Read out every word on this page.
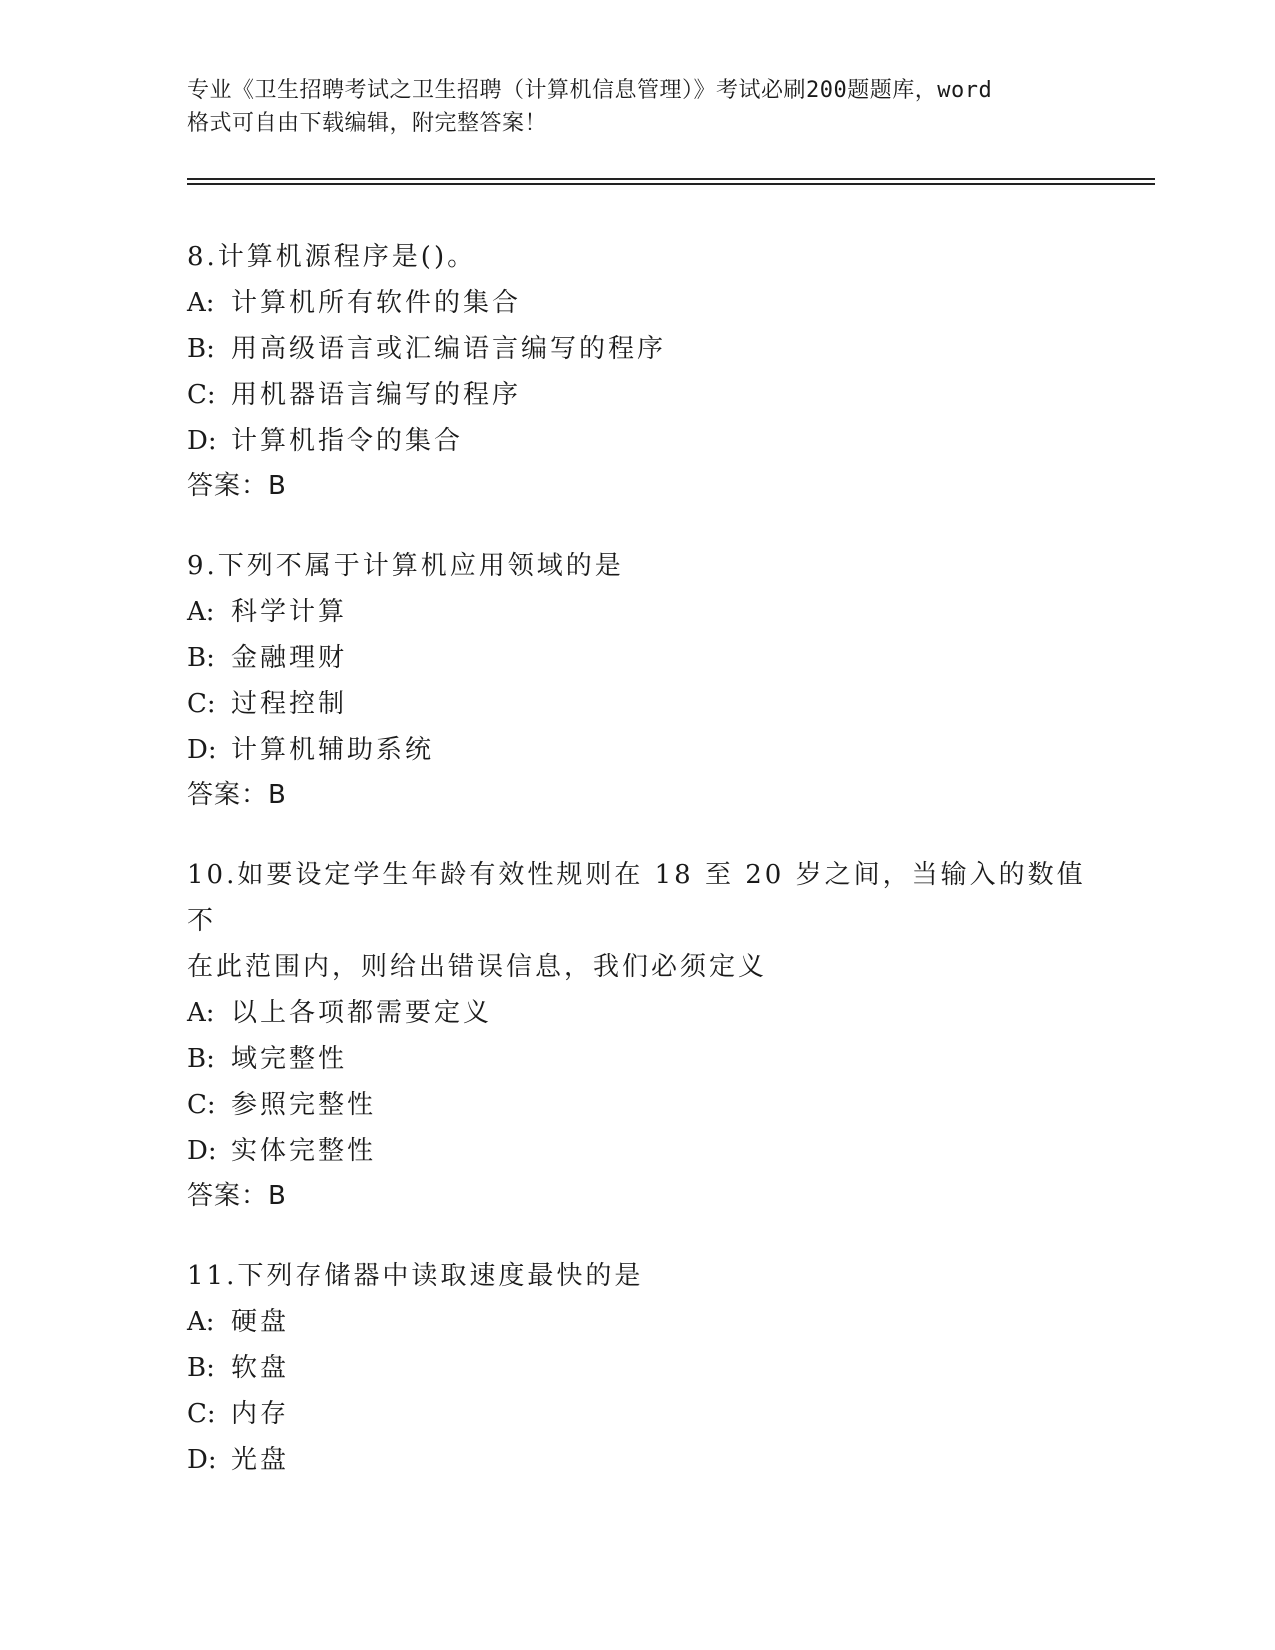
专业《卫生招聘考试之卫生招聘（计算机信息管理）》考试必刷200题题库，word
格式可自由下载编辑，附完整答案！

8.计算机源程序是()。

A: 计算机所有软件的集合

B: 用高级语言或汇编语言编写的程序

C: 用机器语言编写的程序

D: 计算机指令的集合

答案：B

9.下列不属于计算机应用领域的是

A: 科学计算

B: 金融理财

C: 过程控制

D: 计算机辅助系统

答案：B

10.如要设定学生年龄有效性规则在 18 至 20 岁之间，当输入的数值不

在此范围内，则给出错误信息，我们必须定义

A: 以上各项都需要定义

B: 域完整性

C: 参照完整性

D: 实体完整性

答案：B

11.下列存储器中读取速度最快的是

A: 硬盘

B: 软盘

C: 内存

D: 光盘
